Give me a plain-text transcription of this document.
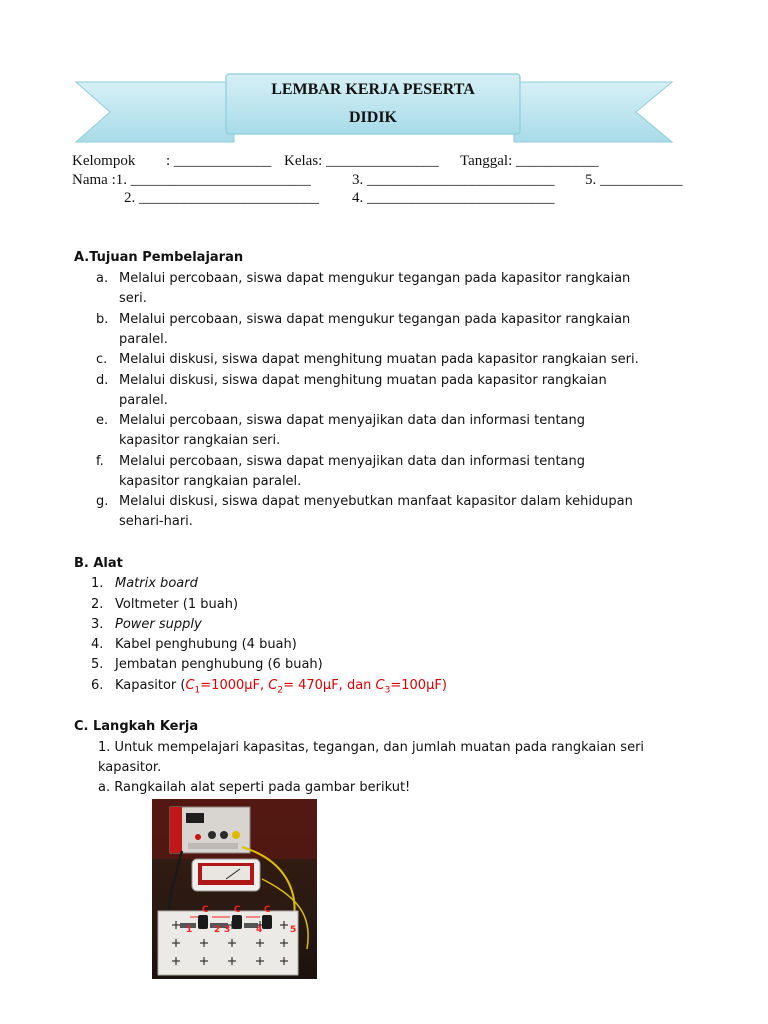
LEMBAR KERJA PESERTA
DIDIK
Kelompok : _____________ Kelas: _______________ Tanggal: ___________
Nama :1. ________________________	3. _________________________ 5. ___________
2. ________________________ 4. _________________________
A.Tujuan Pembelajaran
a. Melalui percobaan, siswa dapat mengukur tegangan pada kapasitor rangkaian
seri.
b. Melalui percobaan, siswa dapat mengukur tegangan pada kapasitor rangkaian
paralel.
c. Melalui diskusi, siswa dapat menghitung muatan pada kapasitor rangkaian seri.
d. Melalui diskusi, siswa dapat menghitung muatan pada kapasitor rangkaian
paralel.
e. Melalui percobaan, siswa dapat menyajikan data dan informasi tentang
kapasitor rangkaian seri.
f. Melalui percobaan, siswa dapat menyajikan data dan informasi tentang
kapasitor rangkaian paralel.
g. Melalui diskusi, siswa dapat menyebutkan manfaat kapasitor dalam kehidupan
sehari-hari.
B. Alat
1. Matrix board
2. Voltmeter (1 buah)
3. Power supply
4. Kabel penghubung (4 buah)
5. Jembatan penghubung (6 buah)
6. Kapasitor ($C_1=1000\mu F$, $C_2= 470\mu F$, dan $C_3=100\mu F$)
C. Langkah Kerja
1. Untuk mempelajari kapasitas, tegangan, dan jumlah muatan pada rangkaian seri
kapasitor.
a. Rangkailah alat seperti pada gambar berikut!
C	C	C
1	3	4
2	5
